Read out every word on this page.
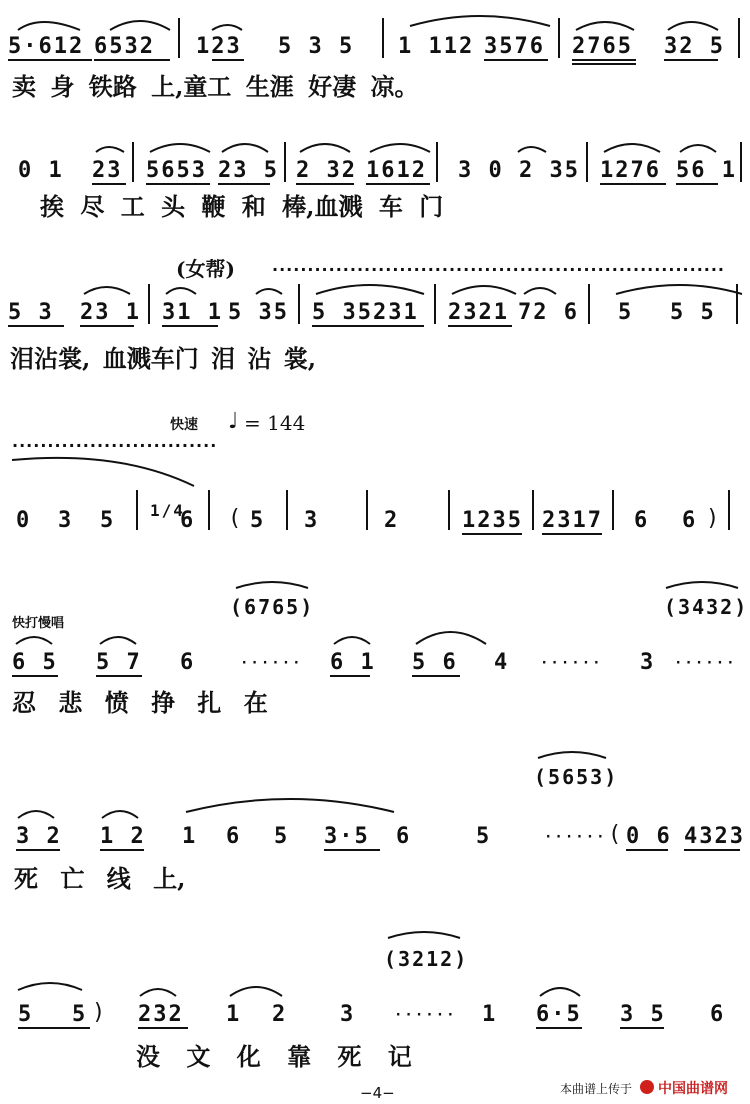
5·612 6532 123 5 3 5 1 112 3576 2765 32 5
卖 身 铁路 上,童工 生涯 好凄 凉。
0 1 23 5653 23 5 2 32 1612 3 0 2 35 1276 56 1
挨 尽 工 头 鞭 和 棒,血溅 车 门
(女帮) ································································
5 3 23 1 31 1 5 35 5 35231 2321 72 6 5 5 5
泪沾裳, 血溅车门 泪 沾 裳,
快速 ♩ = 144
·····························
0 3 5 1/4
6 ( 5 3	2	1235 2317 6 6 )
(6765)	(3432)
快打慢唱
6 5 5 7 6	······ 6 1 5 6 4 ······ 3 ······
忍 悲 愤 挣 扎 在
(5653)
3 2 1 2 1 6 5 3·5 6	5	······ ( 0 6 4323
死 亡 线 上,
(3212)
5 5 ) 232 1 2 3	······ 1 6·5 3 5 6
没 文 化 靠 死 记
−4−	本曲谱上传于 中国曲谱网
